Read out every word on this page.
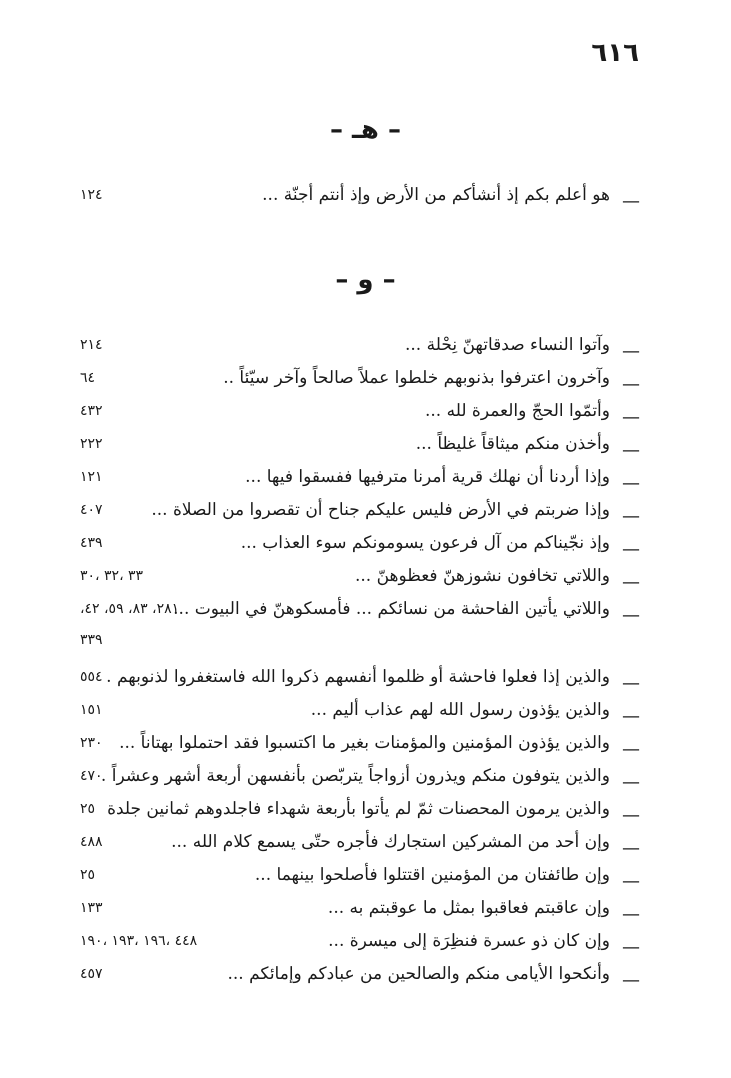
٦١٦
– هـ –
—
هو أعلم بكم إذ أنشأكم من الأرض وإذ أنتم أجنّة ...
١٢٤
– و –
—
وآتوا النساء صدقاتهنّ نِحْلة ...
٢١٤
—
وآخرون اعترفوا بذنوبهم خلطوا عملاً صالحاً وآخر سيّئاً ..
٦٤
—
وأتمّوا الحجّ والعمرة لله ...
٤٣٢
—
وأخذن منكم ميثاقاً غليظاً ...
٢٢٢
—
وإذا أردنا أن نهلك قرية أمرنا مترفيها ففسقوا فيها ...
١٢١
—
وإذا ضربتم في الأرض فليس عليكم جناح أن تقصروا من الصلاة ...
٤٠٧
—
وإذ نجّيناكم من آل فرعون يسومونكم سوء العذاب ...
٤٣٩
—
واللاتي تخافون نشوزهنّ فعظوهنّ ...
٣٣ ،٣٢ ،٣٠
—
واللاتي يأتين الفاحشة من نسائكم ... فأمسكوهنّ في البيوت ...
٢٨١، ٨٣، ٥٩، ٤٢،
٣٣٩
—
والذين إذا فعلوا فاحشة أو ظلموا أنفسهم ذكروا الله فاستغفروا لذنوبهم .
٥٥٤
—
والذين يؤذون رسول الله لهم عذاب أليم ...
١٥١
—
والذين يؤذون المؤمنين والمؤمنات بغير ما اكتسبوا فقد احتملوا بهتاناً ...
٢٣٠
—
والذين يتوفون منكم ويذرون أزواجاً يتربّصن بأنفسهن أربعة أشهر وعشراً .
٤٧٠
—
والذين يرمون المحصنات ثمّ لم يأتوا بأربعة شهداء فاجلدوهم ثمانين جلدة
٢٥
—
وإن أحد من المشركين استجارك فأجره حتّى يسمع كلام الله ...
٤٨٨
—
وإن طائفتان من المؤمنين اقتتلوا فأصلحوا بينهما ...
٢٥
—
وإن عاقبتم فعاقبوا بمثل ما عوقبتم به ...
١٣٣
—
وإن كان ذو عسرة فنظِرَة إلى ميسرة ...
٤٤٨ ،١٩٦ ،١٩٣ ،١٩٠
—
وأنكحوا الأيامى منكم والصالحين من عبادكم وإمائكم ...
٤٥٧
